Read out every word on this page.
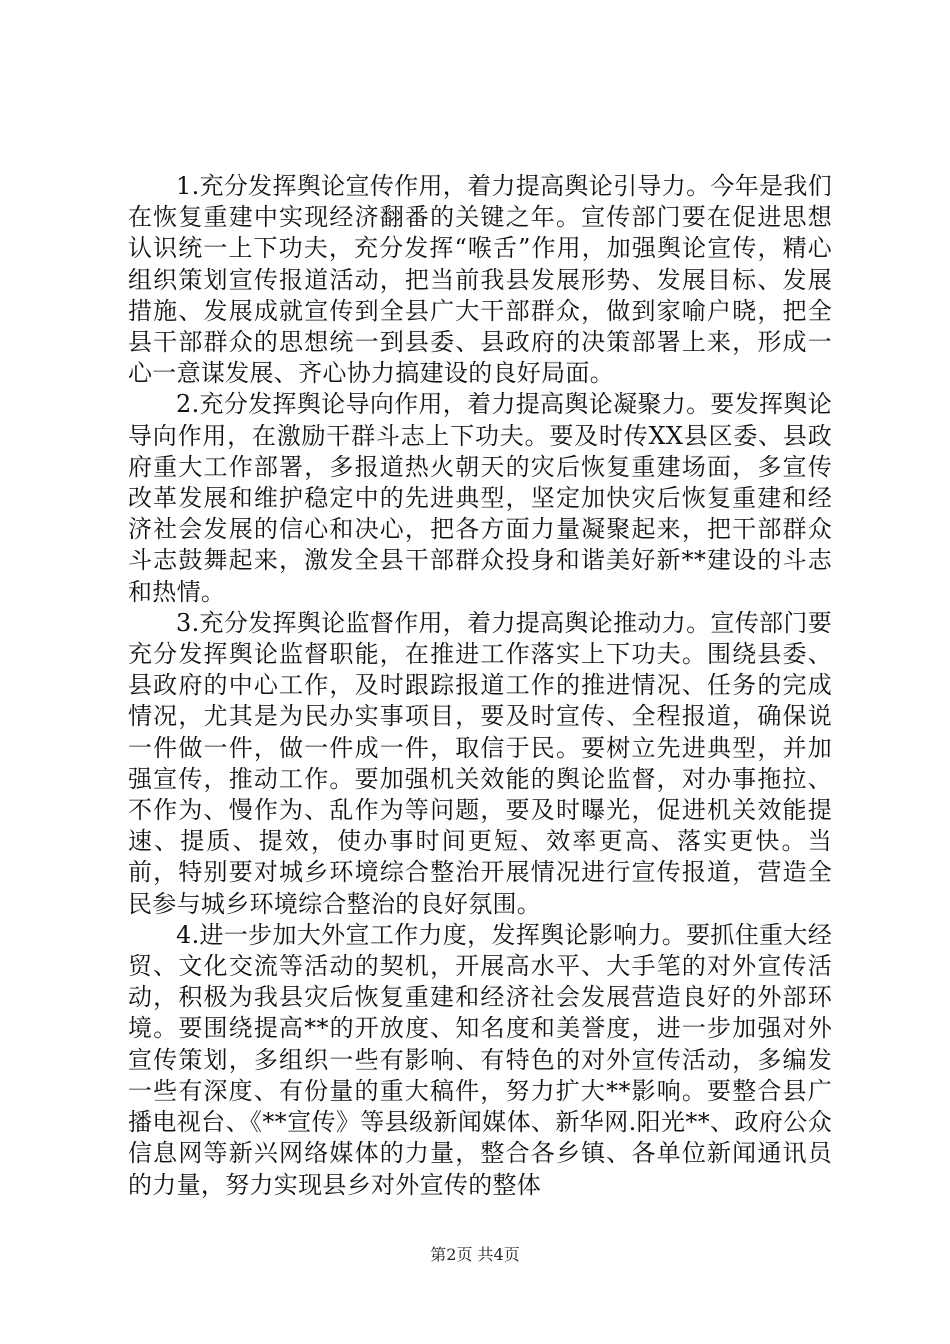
1.充分发挥舆论宣传作用，着力提高舆论引导力。今年是我们在恢复重建中实现经济翻番的关键之年。宣传部门要在促进思想认识统一上下功夫，充分发挥“喉舌”作用，加强舆论宣传，精心组织策划宣传报道活动，把当前我县发展形势、发展目标、发展措施、发展成就宣传到全县广大干部群众，做到家喻户晓，把全县干部群众的思想统一到县委、县政府的决策部署上来，形成一心一意谋发展、齐心协力搞建设的良好局面。

2.充分发挥舆论导向作用，着力提高舆论凝聚力。要发挥舆论导向作用，在激励干群斗志上下功夫。要及时传XX县区委、县政府重大工作部署，多报道热火朝天的灾后恢复重建场面，多宣传改革发展和维护稳定中的先进典型，坚定加快灾后恢复重建和经济社会发展的信心和决心，把各方面力量凝聚起来，把干部群众斗志鼓舞起来，激发全县干部群众投身和谐美好新**建设的斗志和热情。

3.充分发挥舆论监督作用，着力提高舆论推动力。宣传部门要充分发挥舆论监督职能，在推进工作落实上下功夫。围绕县委、县政府的中心工作，及时跟踪报道工作的推进情况、任务的完成情况，尤其是为民办实事项目，要及时宣传、全程报道，确保说一件做一件，做一件成一件，取信于民。要树立先进典型，并加强宣传，推动工作。要加强机关效能的舆论监督，对办事拖拉、不作为、慢作为、乱作为等问题，要及时曝光，促进机关效能提速、提质、提效，使办事时间更短、效率更高、落实更快。当前，特别要对城乡环境综合整治开展情况进行宣传报道，营造全民参与城乡环境综合整治的良好氛围。

4.进一步加大外宣工作力度，发挥舆论影响力。要抓住重大经贸、文化交流等活动的契机，开展高水平、大手笔的对外宣传活动，积极为我县灾后恢复重建和经济社会发展营造良好的外部环境。要围绕提高**的开放度、知名度和美誉度，进一步加强对外宣传策划，多组织一些有影响、有特色的对外宣传活动，多编发一些有深度、有份量的重大稿件，努力扩大**影响。要整合县广播电视台、《**宣传》等县级新闻媒体、新华网.阳光**、政府公众信息网等新兴网络媒体的力量，整合各乡镇、各单位新闻通讯员的力量，努力实现县乡对外宣传的整体

第2页 共4页
